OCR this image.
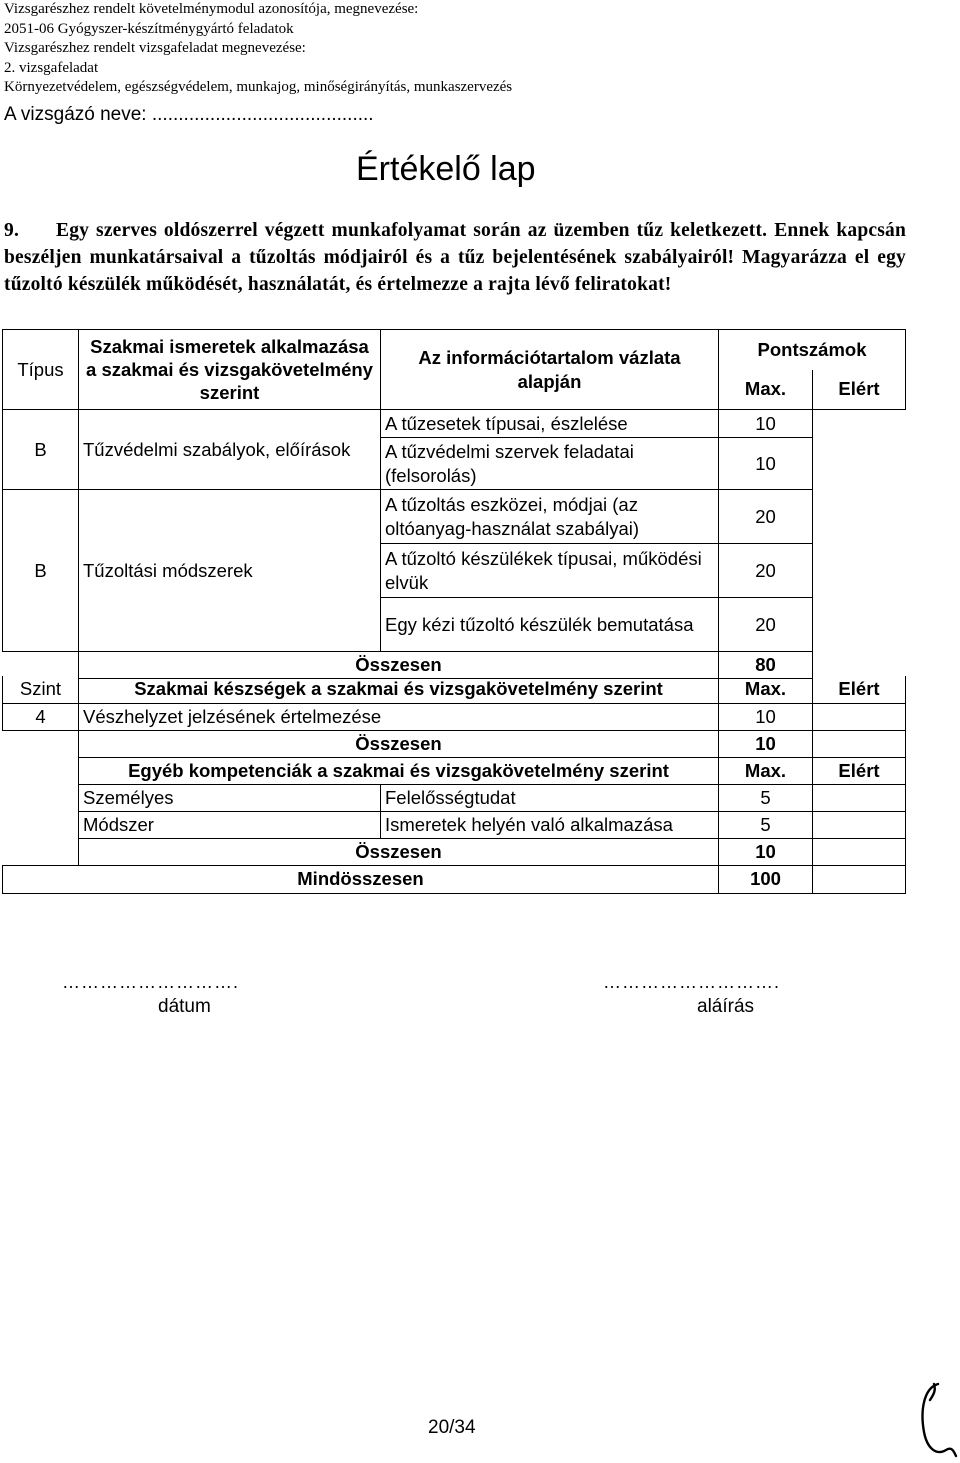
Vizsgarészhez rendelt követelménymodul azonosítója, megnevezése:
2051-06 Gyógyszer-készítménygyártó feladatok
Vizsgarészhez rendelt vizsgafeladat megnevezése:
2. vizsgafeladat
Környezetvédelem, egészségvédelem, munkajog, minőségirányítás, munkaszervezés
A vizsgázó neve: ..........................................
Értékelő lap
9. Egy szerves oldószerrel végzett munkafolyamat során az üzemben tűz keletkezett. Ennek kapcsán beszéljen munkatársaival a tűzoltás módjairól és a tűz bejelentésének szabályairól! Magyarázza el egy tűzoltó készülék működését, használatát, és értelmezze a rajta lévő feliratokat!
Típus	Szakmai ismeretek alkalmazása a szakmai és vizsgakövetelmény szerint	Az információtartalom vázlata alapján	Pontszámok	
			Max.	Elért
B	Tűzvédelmi szabályok, előírások	A tűzesetek típusai, észlelése	10	
		A tűzvédelmi szervek feladatai (felsorolás)	10	
B	Tűzoltási módszerek	A tűzoltás eszközei, módjai (az oltóanyag-használat szabályai)	20	
		A tűzoltó készülékek típusai, működési elvük	20	
		Egy kézi tűzoltó készülék bemutatása	20	
	Összesen		80	
Szint	Szakmai készségek a szakmai és vizsgakövetelmény szerint		Max.	Elért
4	Vészhelyzet jelzésének értelmezése		10	
	Összesen		10	
	Egyéb kompetenciák a szakmai és vizsgakövetelmény szerint		Max.	Elért
	Személyes	Felelősségtudat	5	
	Módszer	Ismeretek helyén való alkalmazása	5	
	Összesen		10	
Mindösszesen			100	
……………………….
dátum
……………………….
aláírás
20/34
